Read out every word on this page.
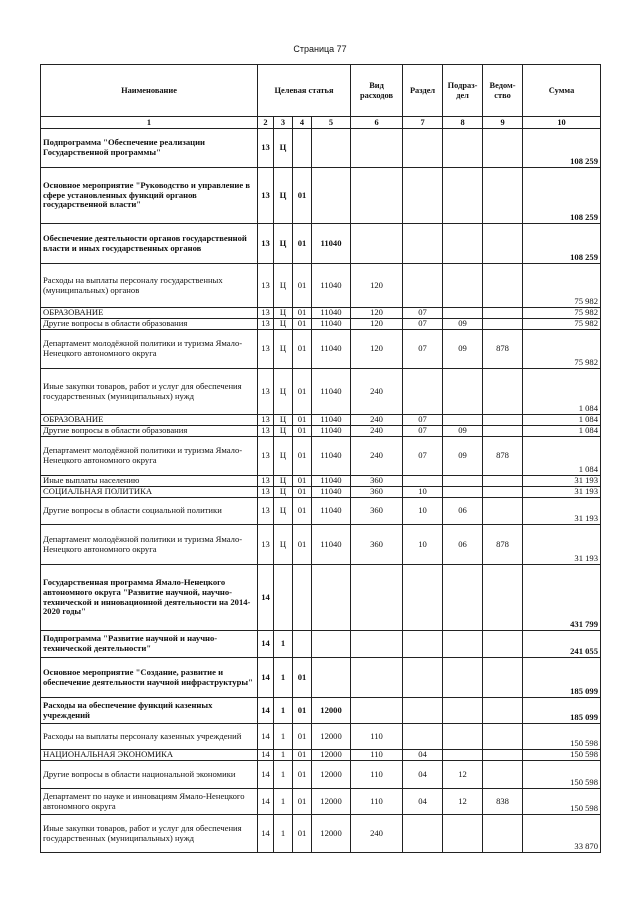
Страница 77
Наименование	Целевая статья				Вид расходов	Раздел	Подраз-дел	Ведом-ство	Сумма
1	2	3	4	5	6	7	8	9	10
Подпрограмма "Обеспечение реализации Государственной программы"	13	Ц							108 259
Основное мероприятие "Руководство и управление в сфере установленных функций органов государственной власти"	13	Ц	01						108 259
Обеспечение деятельности органов государственной власти и иных государственных органов	13	Ц	01	11040					108 259
Расходы на выплаты персоналу государственных (муниципальных) органов	13	Ц	01	11040	120				75 982
ОБРАЗОВАНИЕ	13	Ц	01	11040	120	07			75 982
Другие вопросы в области образования	13	Ц	01	11040	120	07	09		75 982
Департамент молодёжной политики и туризма Ямало-Ненецкого автономного округа	13	Ц	01	11040	120	07	09	878	75 982
Иные закупки товаров, работ и услуг для обеспечения государственных (муниципальных) нужд	13	Ц	01	11040	240				1 084
ОБРАЗОВАНИЕ	13	Ц	01	11040	240	07			1 084
Другие вопросы в области образования	13	Ц	01	11040	240	07	09		1 084
Департамент молодёжной политики и туризма Ямало-Ненецкого автономного округа	13	Ц	01	11040	240	07	09	878	1 084
Иные выплаты населению	13	Ц	01	11040	360				31 193
СОЦИАЛЬНАЯ ПОЛИТИКА	13	Ц	01	11040	360	10			31 193
Другие вопросы в области социальной политики	13	Ц	01	11040	360	10	06		31 193
Департамент молодёжной политики и туризма Ямало-Ненецкого автономного округа	13	Ц	01	11040	360	10	06	878	31 193
Государственная программа Ямало-Ненецкого автономного округа "Развитие научной, научно-технической и инновационной деятельности на 2014-2020 годы"	14								431 799
Подпрограмма "Развитие научной и научно-технической деятельности"	14	1							241 055
Основное мероприятие "Создание, развитие и обеспечение деятельности научной инфраструктуры"	14	1	01						185 099
Расходы на обеспечение функций казенных учреждений	14	1	01	12000					185 099
Расходы на выплаты персоналу казенных учреждений	14	1	01	12000	110				150 598
НАЦИОНАЛЬНАЯ ЭКОНОМИКА	14	1	01	12000	110	04			150 598
Другие вопросы в области национальной экономики	14	1	01	12000	110	04	12		150 598
Департамент по науке и инновациям Ямало-Ненецкого автономного округа	14	1	01	12000	110	04	12	838	150 598
Иные закупки товаров, работ и услуг для обеспечения государственных (муниципальных) нужд	14	1	01	12000	240				33 870
